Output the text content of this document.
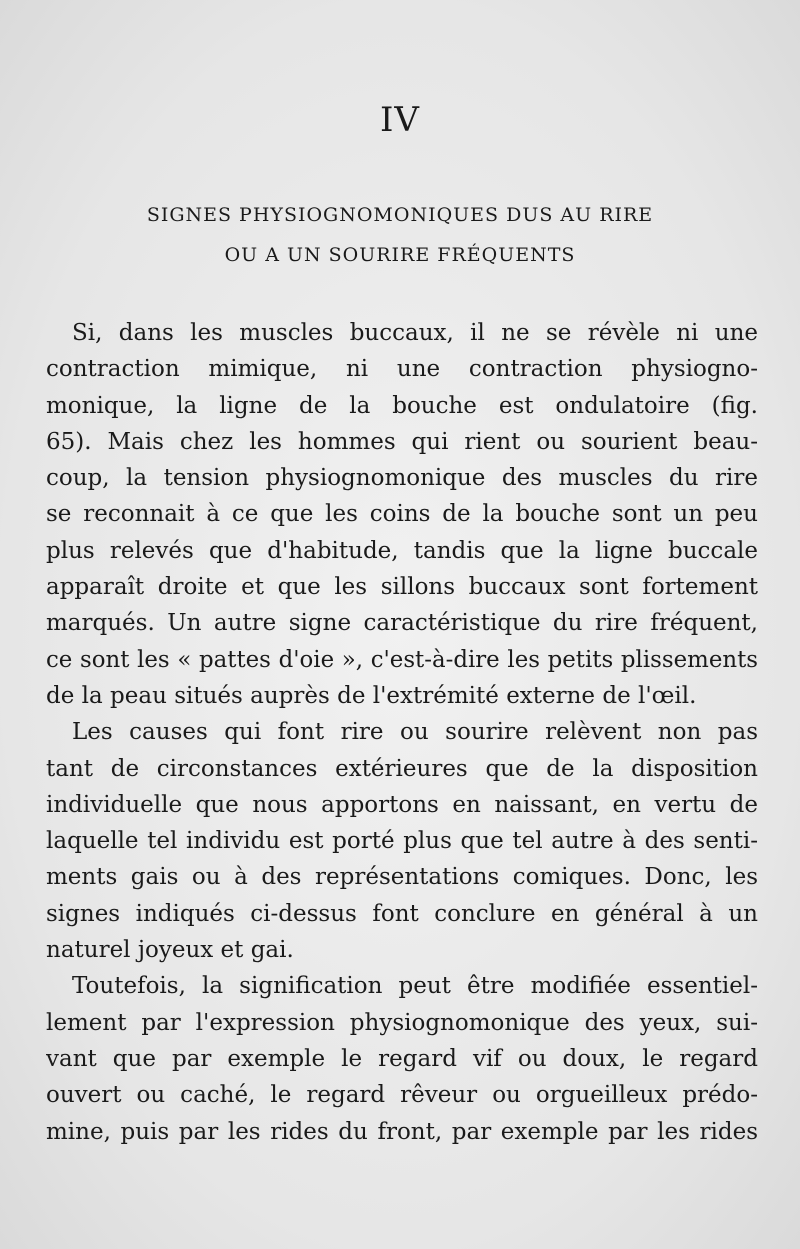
IV
SIGNES PHYSIOGNOMONIQUES DUS AU RIRE
OU A UN SOURIRE FRÉQUENTS
Si, dans les muscles buccaux, il ne se révèle ni une
contraction mimique, ni une contraction physiogno-
monique, la ligne de la bouche est ondulatoire (fig.
65). Mais chez les hommes qui rient ou sourient beau-
coup, la tension physiognomonique des muscles du rire
se reconnait à ce que les coins de la bouche sont un peu
plus relevés que d'habitude, tandis que la ligne buccale
apparaît droite et que les sillons buccaux sont fortement
marqués. Un autre signe caractéristique du rire fréquent,
ce sont les « pattes d'oie », c'est-à-dire les petits plissements
de la peau situés auprès de l'extrémité externe de l'œil.
Les causes qui font rire ou sourire relèvent non pas
tant de circonstances extérieures que de la disposition
individuelle que nous apportons en naissant, en vertu de
laquelle tel individu est porté plus que tel autre à des senti-
ments gais ou à des représentations comiques. Donc, les
signes indiqués ci-dessus font conclure en général à un
naturel joyeux et gai.
Toutefois, la signification peut être modifiée essentiel-
lement par l'expression physiognomonique des yeux, sui-
vant que par exemple le regard vif ou doux, le regard
ouvert ou caché, le regard rêveur ou orgueilleux prédo-
mine, puis par les rides du front, par exemple par les rides
